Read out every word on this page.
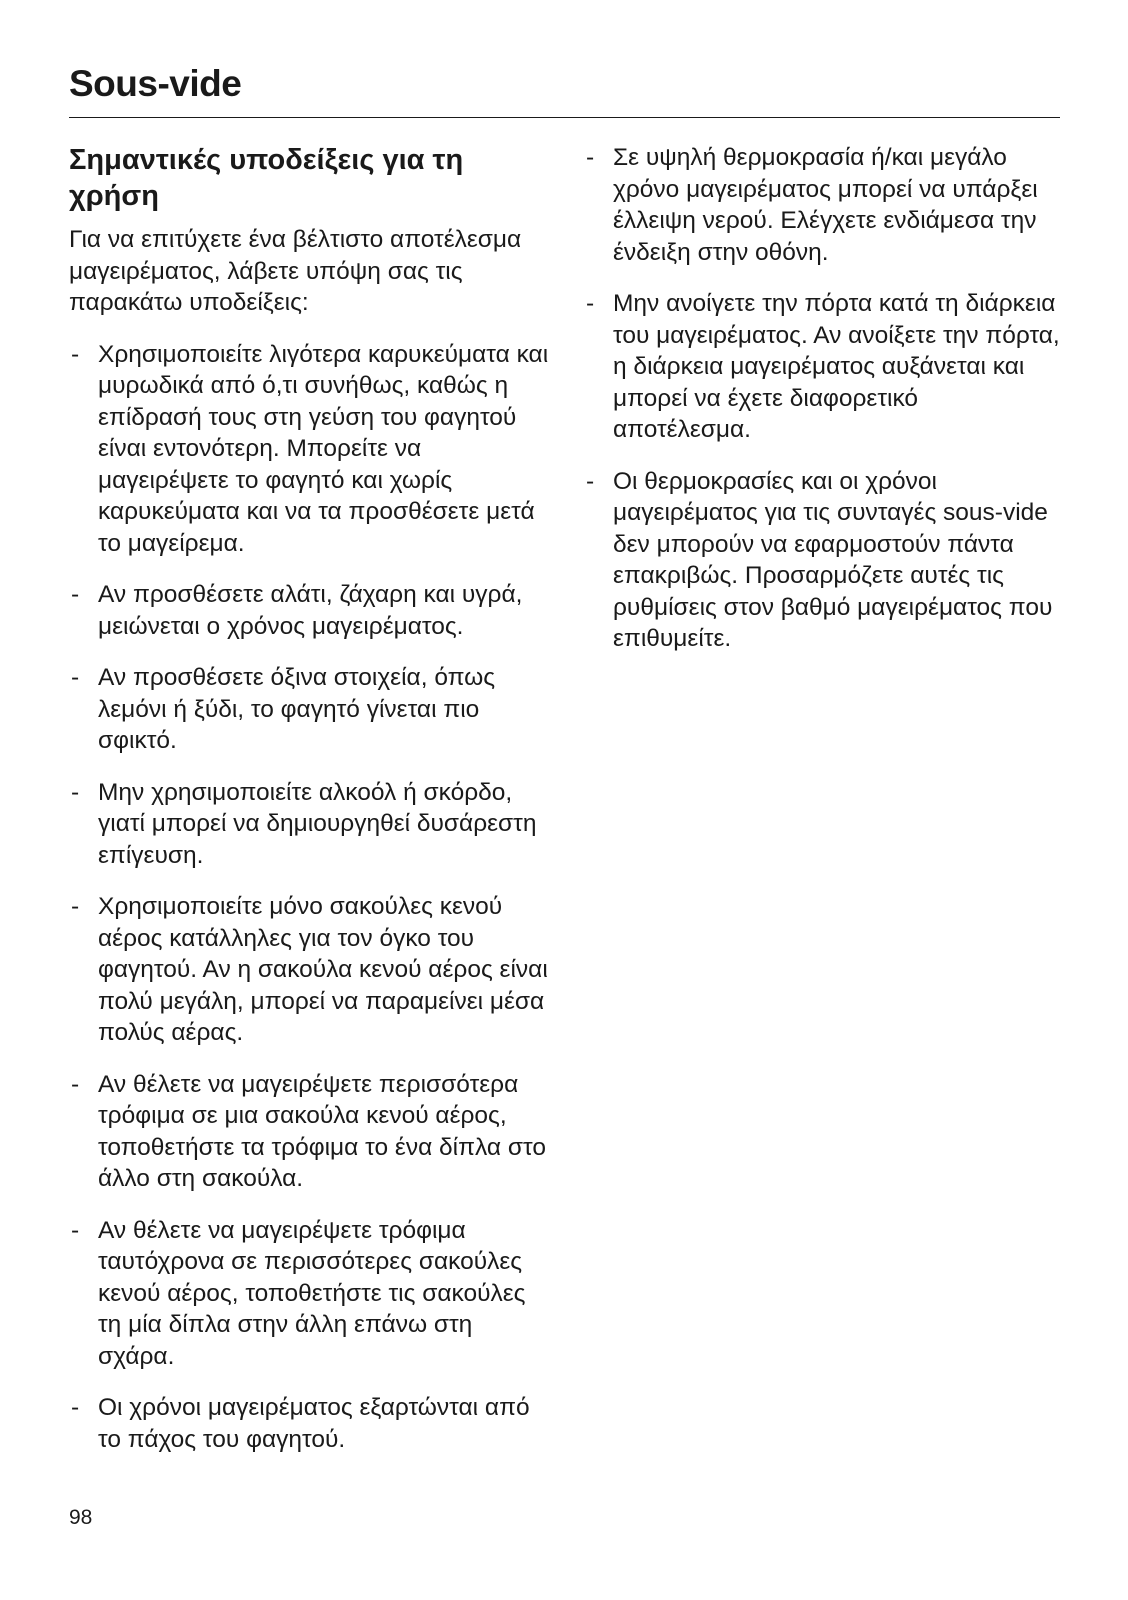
Sous-vide
Σημαντικές υποδείξεις για τη χρήση

Για να επιτύχετε ένα βέλτιστο αποτέλεσμα μαγειρέματος, λάβετε υπόψη σας τις παρακάτω υποδείξεις:

- Χρησιμοποιείτε λιγότερα καρυκεύματα και μυρωδικά από ό,τι συνήθως, καθώς η επίδρασή τους στη γεύση του φαγητού είναι εντονότερη. Μπορείτε να μαγειρέψετε το φαγητό και χωρίς καρυκεύματα και να τα προσθέσετε μετά το μαγείρεμα.
- Αν προσθέσετε αλάτι, ζάχαρη και υγρά, μειώνεται ο χρόνος μαγειρέματος.
- Αν προσθέσετε όξινα στοιχεία, όπως λεμόνι ή ξύδι, το φαγητό γίνεται πιο σφικτό.
- Μην χρησιμοποιείτε αλκοόλ ή σκόρδο, γιατί μπορεί να δημιουργηθεί δυσάρεστη επίγευση.
- Χρησιμοποιείτε μόνο σακούλες κενού αέρος κατάλληλες για τον όγκο του φαγητού. Αν η σακούλα κενού αέρος είναι πολύ μεγάλη, μπορεί να παραμείνει μέσα πολύς αέρας.
- Αν θέλετε να μαγειρέψετε περισσότερα τρόφιμα σε μια σακούλα κενού αέρος, τοποθετήστε τα τρόφιμα το ένα δίπλα στο άλλο στη σακούλα.
- Αν θέλετε να μαγειρέψετε τρόφιμα ταυτόχρονα σε περισσότερες σακούλες κενού αέρος, τοποθετήστε τις σακούλες τη μία δίπλα στην άλλη επάνω στη σχάρα.
- Οι χρόνοι μαγειρέματος εξαρτώνται από το πάχος του φαγητού.
- Σε υψηλή θερμοκρασία ή/και μεγάλο χρόνο μαγειρέματος μπορεί να υπάρξει έλλειψη νερού. Ελέγχετε ενδιάμεσα την ένδειξη στην οθόνη.
- Μην ανοίγετε την πόρτα κατά τη διάρκεια του μαγειρέματος. Αν ανοίξετε την πόρτα, η διάρκεια μαγειρέματος αυξάνεται και μπορεί να έχετε διαφορετικό αποτέλεσμα.
- Οι θερμοκρασίες και οι χρόνοι μαγειρέματος για τις συνταγές sous-vide δεν μπορούν να εφαρμοστούν πάντα επακριβώς. Προσαρμόζετε αυτές τις ρυθμίσεις στον βαθμό μαγειρέματος που επιθυμείτε.
98
